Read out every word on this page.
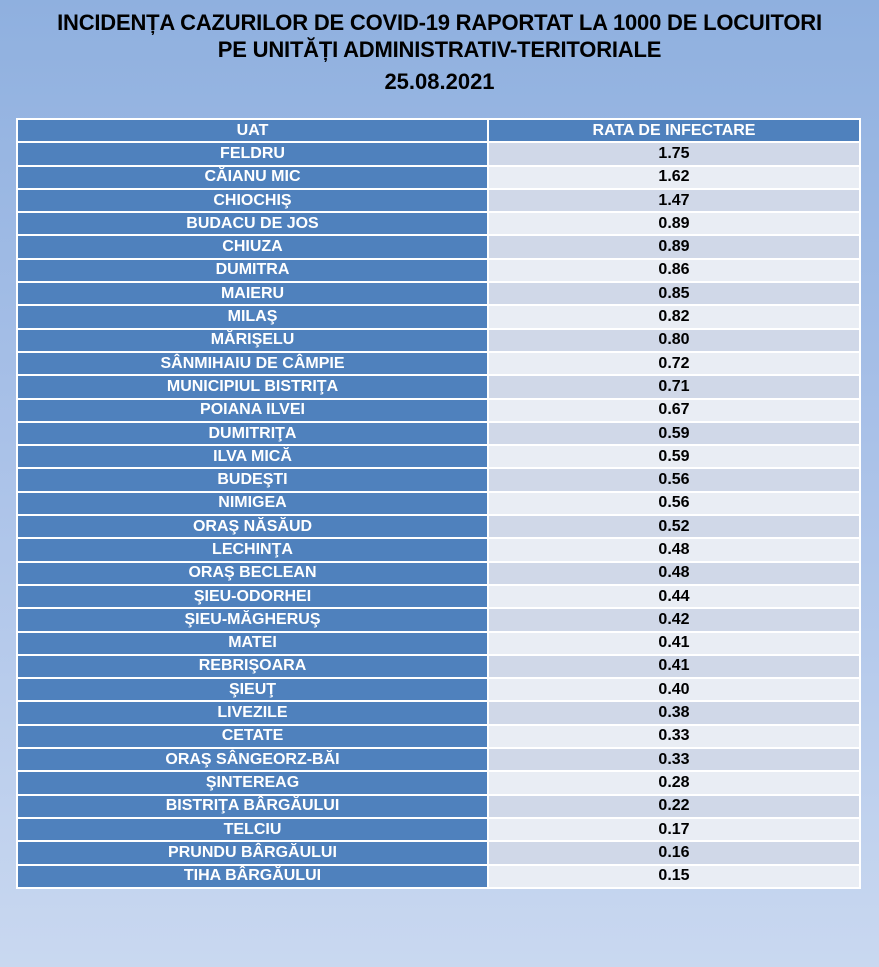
INCIDENȚA CAZURILOR DE COVID-19 RAPORTAT LA 1000 DE LOCUITORI
PE UNITĂȚI ADMINISTRATIV-TERITORIALE
25.08.2021
UAT	RATA DE INFECTARE
FELDRU	1.75
CĂIANU MIC	1.62
CHIOCHIŞ	1.47
BUDACU DE JOS	0.89
CHIUZA	0.89
DUMITRA	0.86
MAIERU	0.85
MILAŞ	0.82
MĂRIŞELU	0.80
SÂNMIHAIU DE CÂMPIE	0.72
MUNICIPIUL BISTRIŢA	0.71
POIANA ILVEI	0.67
DUMITRIŢA	0.59
ILVA MICĂ	0.59
BUDEŞTI	0.56
NIMIGEA	0.56
ORAŞ NĂSĂUD	0.52
LECHINŢA	0.48
ORAŞ BECLEAN	0.48
ŞIEU-ODORHEI	0.44
ŞIEU-MĂGHERUŞ	0.42
MATEI	0.41
REBRIŞOARA	0.41
ŞIEUŢ	0.40
LIVEZILE	0.38
CETATE	0.33
ORAŞ SÂNGEORZ-BĂI	0.33
ŞINTEREAG	0.28
BISTRIŢA BÂRGĂULUI	0.22
TELCIU	0.17
PRUNDU BÂRGĂULUI	0.16
TIHA BÂRGĂULUI	0.15
